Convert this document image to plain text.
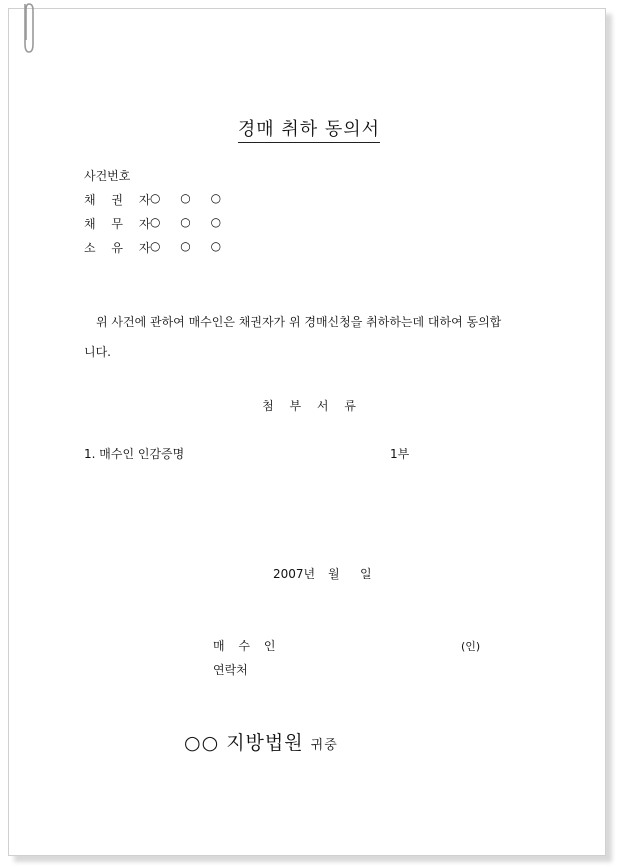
경매 취하 동의서
사건번호
채 권 자
○ ○ ○
채 무 자
○ ○ ○
소 유 자
○ ○ ○
위 사건에 관하여 매수인은 채권자가 위 경매신청을 취하하는데 대하여 동의합
니다.
첨 부 서 류
1. 매수인 인감증명	1부
2007년 월 일
매 수 인	(인)
연락처
○○ 지방법원 귀중
